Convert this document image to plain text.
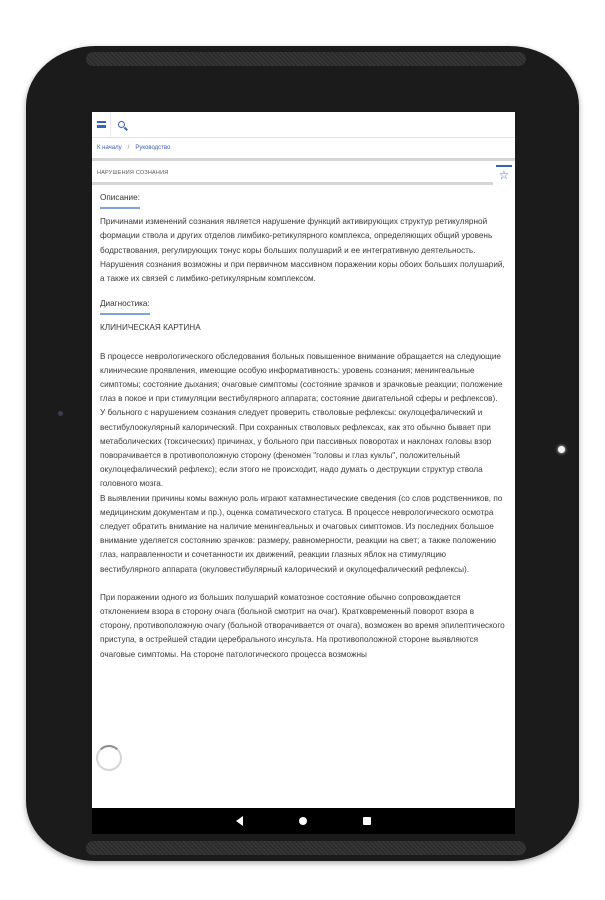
К началу / Руководство
НАРУШЕНИЯ СОЗНАНИЯ	☆
Описание:
Причинами изменений сознания является нарушение функций активирующих структур ретикулярной формации ствола и других отделов лимбико-ретикулярного комплекса, определяющих общий уровень бодрствования, регулирующих тонус коры больших полушарий и ее интегративную деятельность. Нарушения сознания возможны и при первичном массивном поражении коры обоих больших полушарий, а также их связей с лимбико-ретикулярным комплексом.
Диагностика:
КЛИНИЧЕСКАЯ КАРТИНА
В процессе неврологического обследования больных повышенное внимание обращается на следующие клинические проявления, имеющие особую информативность: уровень сознания; менингеальные симптомы; состояние дыхания; очаговые симптомы (состояние зрачков и зрачковые реакции; положение глаз в покое и при стимуляции вестибулярного аппарата; состояние двигательной сферы и рефлексов).
У больного с нарушением сознания следует проверить стволовые рефлексы: окулоцефалический и вестибулоокулярный калорический. При сохранных стволовых рефлексах, как это обычно бывает при метаболических (токсических) причинах, у больного при пассивных поворотах и наклонах головы взор поворачивается в противоположную сторону (феномен "головы и глаз куклы", положительный окулоцефалический рефлекс); если этого не происходит, надо думать о деструкции структур ствола головного мозга.
В выявлении причины комы важную роль играют катамнестические сведения (со слов родственников, по медицинским документам и пр.), оценка соматического статуса. В процессе неврологического осмотра следует обратить внимание на наличие менингеальных и очаговых симптомов. Из последних большое внимание уделяется состоянию зрачков: размеру, равномерности, реакции на свет; а также положению глаз, направленности и сочетанности их движений, реакции глазных яблок на стимуляцию вестибулярного аппарата (окуловестибулярный калорический и окулоцефалический рефлексы).
При поражении одного из больших полушарий коматозное состояние обычно сопровождается отклонением взора в сторону очага (больной смотрит на очаг). Кратковременный поворот взора в сторону, противоположную очагу (больной отворачивается от очага), возможен во время эпилептического приступа, в острейшей стадии церебрального инсульта. На противоположной стороне выявляются очаговые симптомы. На стороне патологического процесса возможны
